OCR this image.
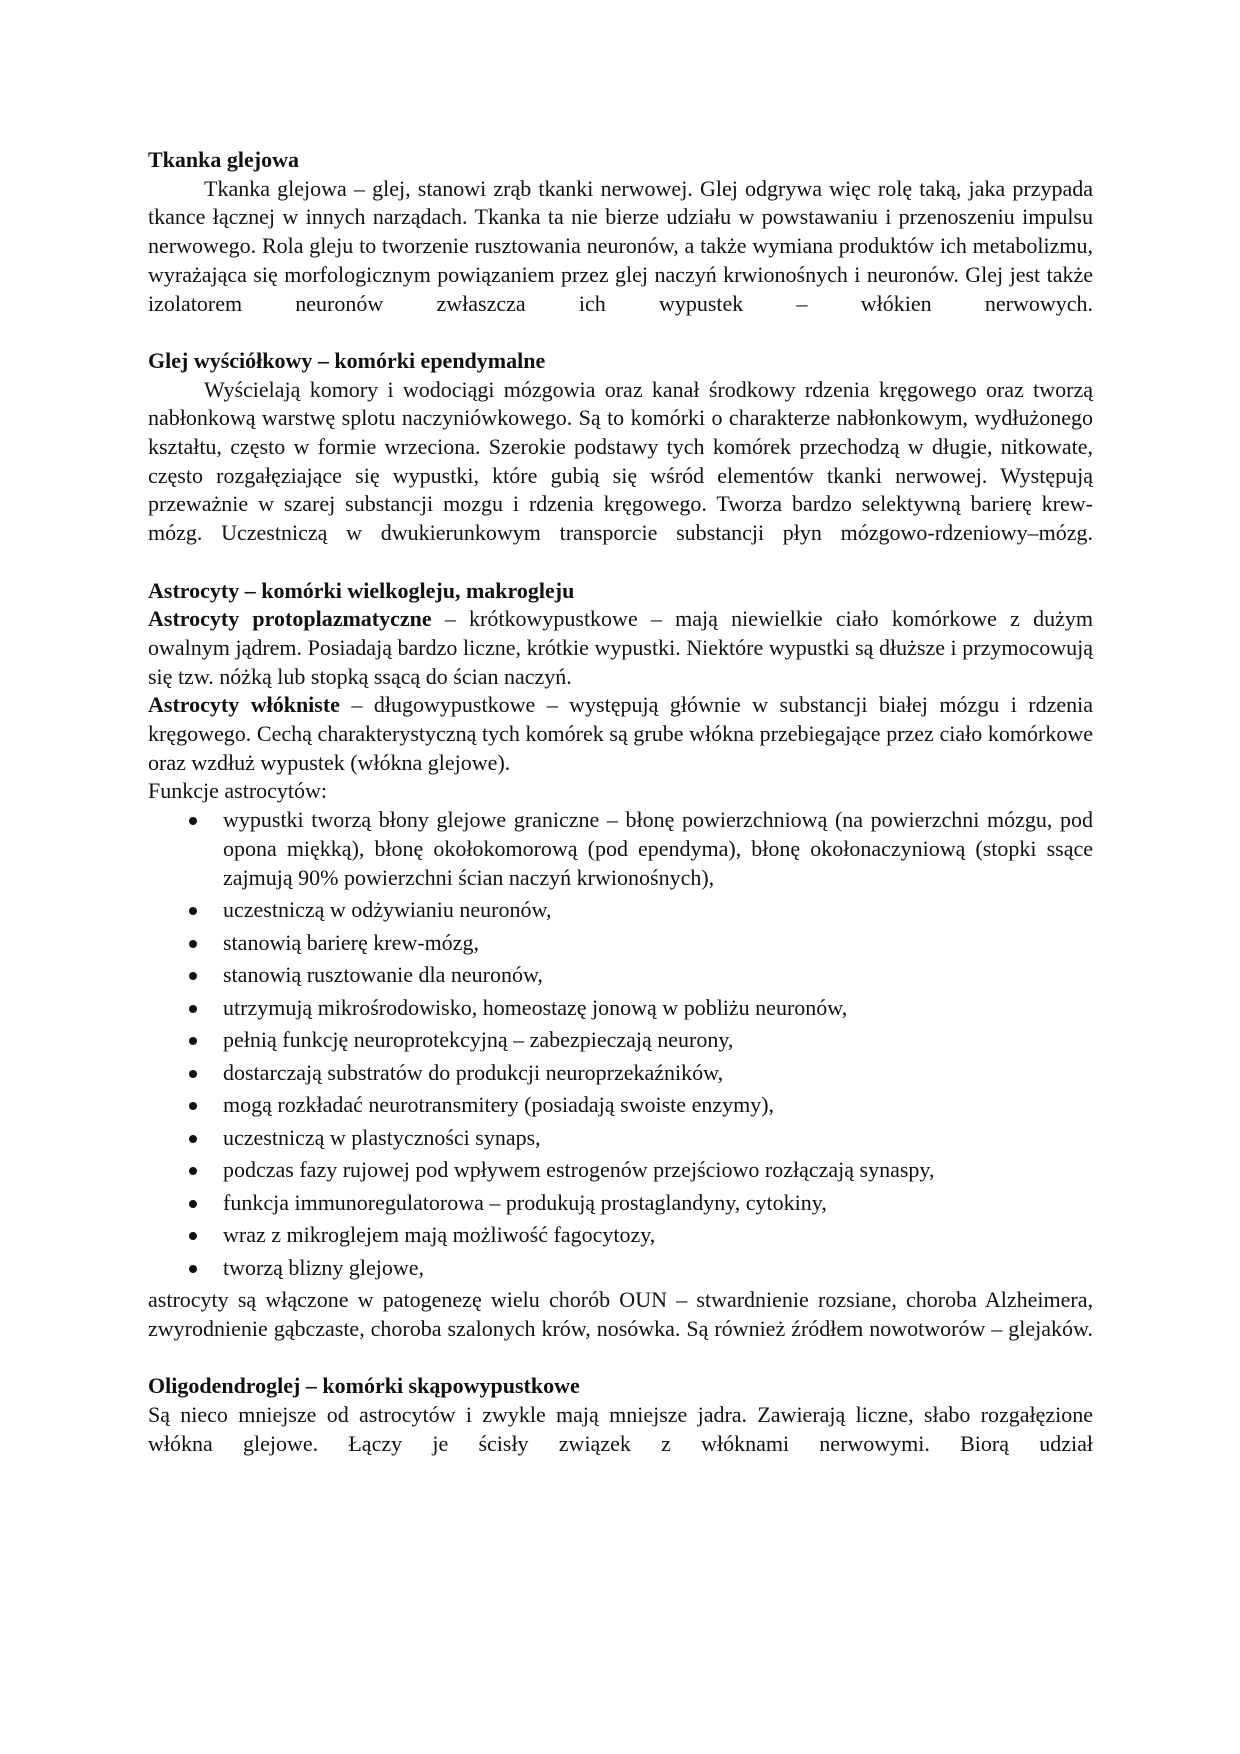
Tkanka glejowa

Tkanka glejowa – glej, stanowi zrąb tkanki nerwowej. Glej odgrywa więc rolę taką, jaka przypada tkance łącznej w innych narządach. Tkanka ta nie bierze udziału w powstawaniu i przenoszeniu impulsu nerwowego. Rola gleju to tworzenie rusztowania neuronów, a także wymiana produktów ich metabolizmu, wyrażająca się morfologicznym powiązaniem przez glej naczyń krwionośnych i neuronów. Glej jest także izolatorem neuronów zwłaszcza ich wypustek – włókien nerwowych.

Glej wyściółkowy – komórki ependymalne

Wyścielają komory i wodociągi mózgowia oraz kanał środkowy rdzenia kręgowego oraz tworzą nabłonkową warstwę splotu naczyniówkowego. Są to komórki o charakterze nabłonkowym, wydłużonego kształtu, często w formie wrzeciona. Szerokie podstawy tych komórek przechodzą w długie, nitkowate, często rozgałęziające się wypustki, które gubią się wśród elementów tkanki nerwowej. Występują przeważnie w szarej substancji mozgu i rdzenia kręgowego. Tworza bardzo selektywną barierę krew-mózg. Uczestniczą w dwukierunkowym transporcie substancji płyn mózgowo-rdzeniowy–mózg.

Astrocyty – komórki wielkogleju, makrogleju

Astrocyty protoplazmatyczne – krótkowypustkowe – mają niewielkie ciało komórkowe z dużym owalnym jądrem. Posiadają bardzo liczne, krótkie wypustki. Niektóre wypustki są dłuższe i przymocowują się tzw. nóżką lub stopką ssącą do ścian naczyń.

Astrocyty włókniste – długowypustkowe – występują głównie w substancji białej mózgu i rdzenia kręgowego. Cechą charakterystyczną tych komórek są grube włókna przebiegające przez ciało komórkowe oraz wzdłuż wypustek (włókna glejowe).

Funkcje astrocytów:

wypustki tworzą błony glejowe graniczne – błonę powierzchniową (na powierzchni mózgu, pod opona miękką), błonę okołokomorową (pod ependyma), błonę okołonaczyniową (stopki ssące zajmują 90% powierzchni ścian naczyń krwionośnych),
uczestniczą w odżywianiu neuronów,
stanowią barierę krew-mózg,
stanowią rusztowanie dla neuronów,
utrzymują mikrośrodowisko, homeostazę jonową w pobliżu neuronów,
pełnią funkcję neuroprotekcyjną – zabezpieczają neurony,
dostarczają substratów do produkcji neuroprzekaźników,
mogą rozkładać neurotransmitery (posiadają swoiste enzymy),
uczestniczą w plastyczności synaps,
podczas fazy rujowej pod wpływem estrogenów przejściowo rozłączają synaspy,
funkcja immunoregulatorowa – produkują prostaglandyny, cytokiny,
wraz z mikroglejem mają możliwość fagocytozy,
tworzą blizny glejowe,

astrocyty są włączone w patogenezę wielu chorób OUN – stwardnienie rozsiane, choroba Alzheimera, zwyrodnienie gąbczaste, choroba szalonych krów, nosówka. Są również źródłem nowotworów – glejaków.

Oligodendroglej – komórki skąpowypustkowe

Są nieco mniejsze od astrocytów i zwykle mają mniejsze jadra. Zawierają liczne, słabo rozgałęzione włókna glejowe. Łączy je ścisły związek z włóknami nerwowymi. Biorą udział
